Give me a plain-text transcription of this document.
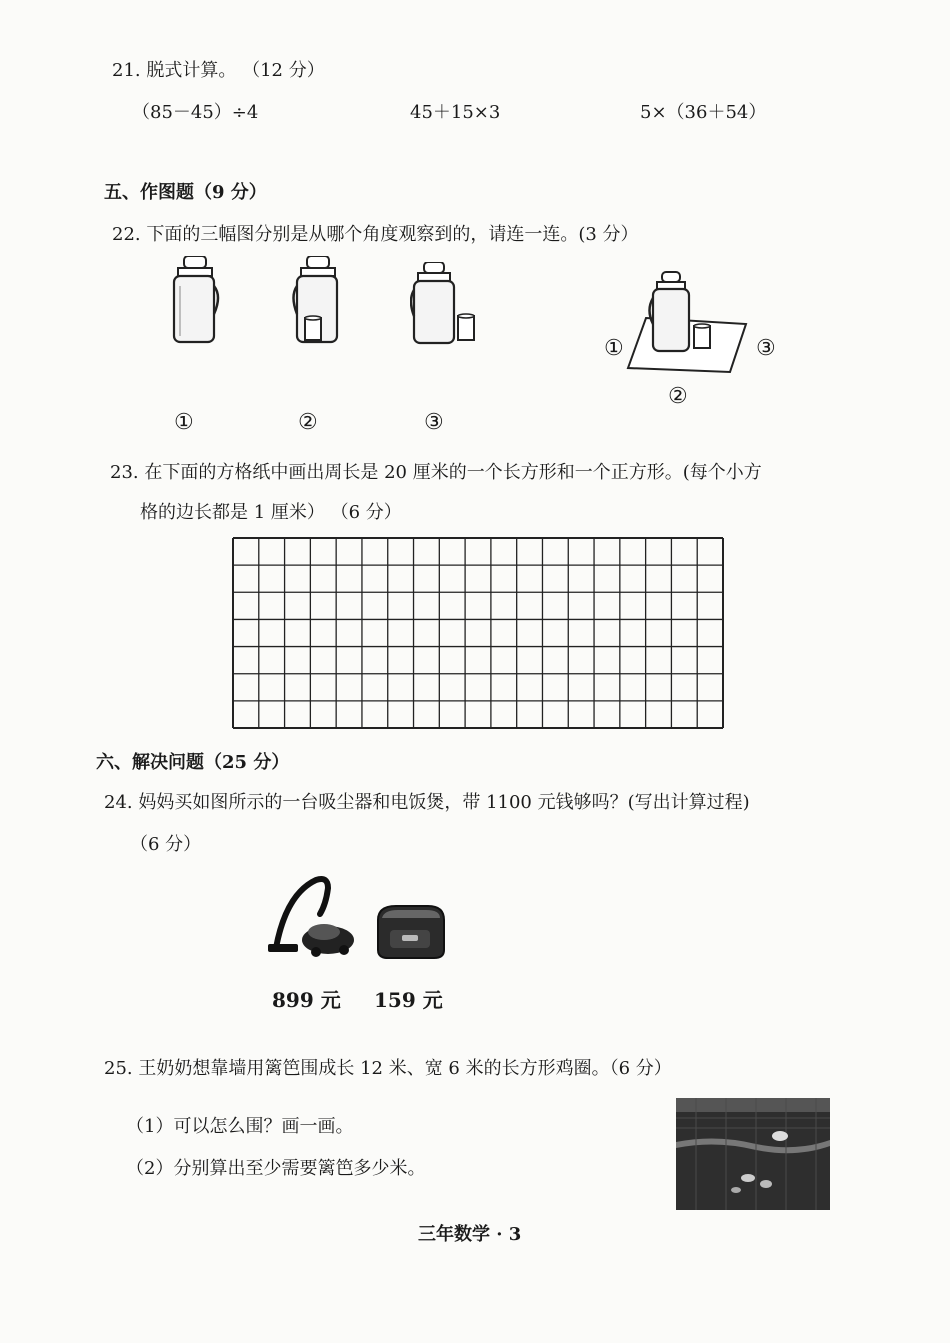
21. 脱式计算。 （12 分）
（85－45）÷4	45＋15×3	5×（36＋54）
五、作图题（9 分）
22. 下面的三幅图分别是从哪个角度观察到的，请连一连。(3 分）
①	②	③
①
②
③
23. 在下面的方格纸中画出周长是 20 厘米的一个长方形和一个正方形。(每个小方
格的边长都是 1 厘米） （6 分）
六、解决问题（25 分）
24. 妈妈买如图所示的一台吸尘器和电饭煲，带 1100 元钱够吗？(写出计算过程)
（6 分）
899 元 159 元
25. 王奶奶想靠墙用篱笆围成长 12 米、宽 6 米的长方形鸡圈。（6 分）
（1）可以怎么围？画一画。
（2）分别算出至少需要篱笆多少米。
三年数学 · 3
